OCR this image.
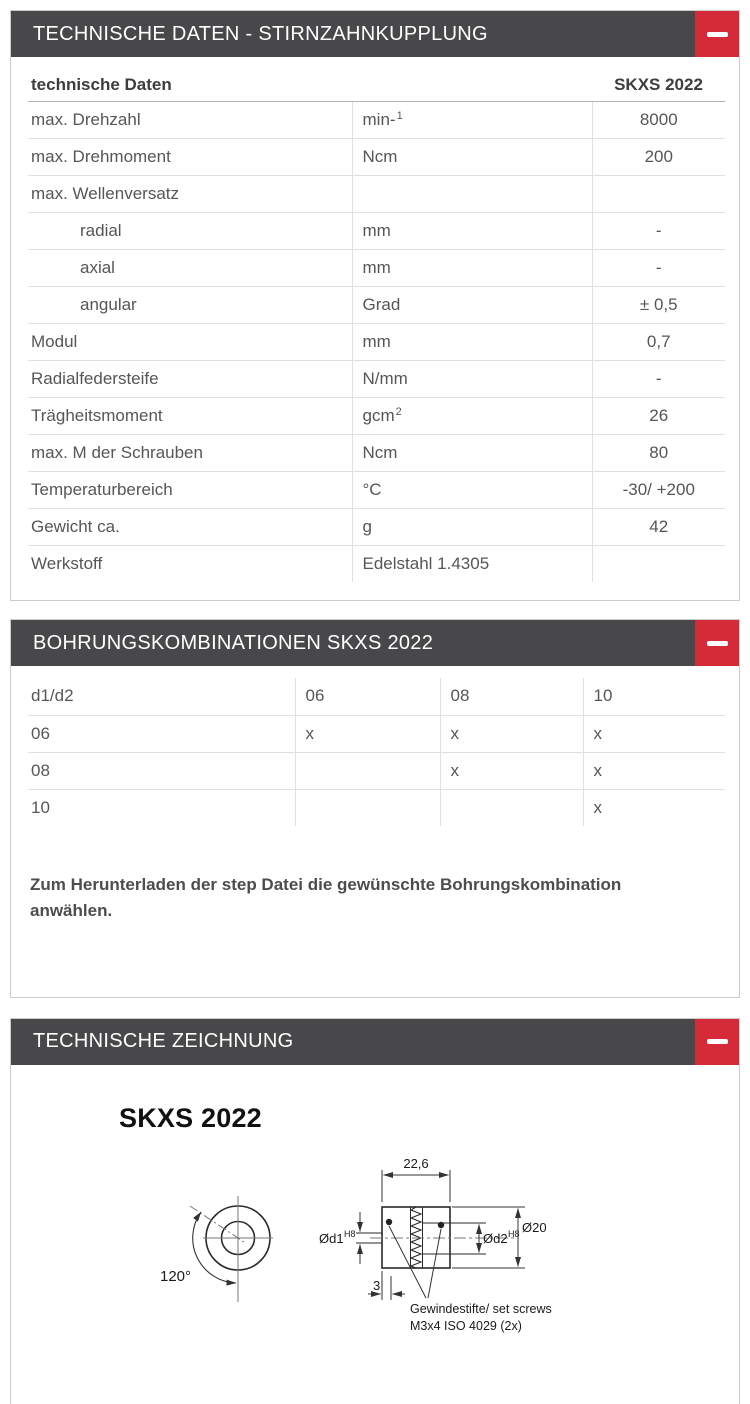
TECHNISCHE DATEN - STIRNZAHNKUPPLUNG
technische Daten		SKXS 2022
max. Drehzahl	min-$^1$	8000
max. Drehmoment	Ncm	200
max. Wellenversatz		
radial	mm	-
axial	mm	-
angular	Grad	± 0,5
Modul	mm	0,7
Radialfedersteife	N/mm	-
Trägheitsmoment	gcm$^2$	26
max. M der Schrauben	Ncm	80
Temperaturbereich	°C	-30/ +200
Gewicht ca.	g	42
Werkstoff	Edelstahl 1.4305	
BOHRUNGSKOMBINATIONEN SKXS 2022
d1/d2	06	08	10
06	x	x	x
08		x	x
10			x

Zum Herunterladen der step Datei die gewünschte Bohrungskombination anwählen.

TECHNISCHE ZEICHNUNG
SKXS 2022
120°
22,6
Ød1 H8	Ød2 H8 Ø20
3
Gewindestifte/ set screws
M3x4 ISO 4029 (2x)
